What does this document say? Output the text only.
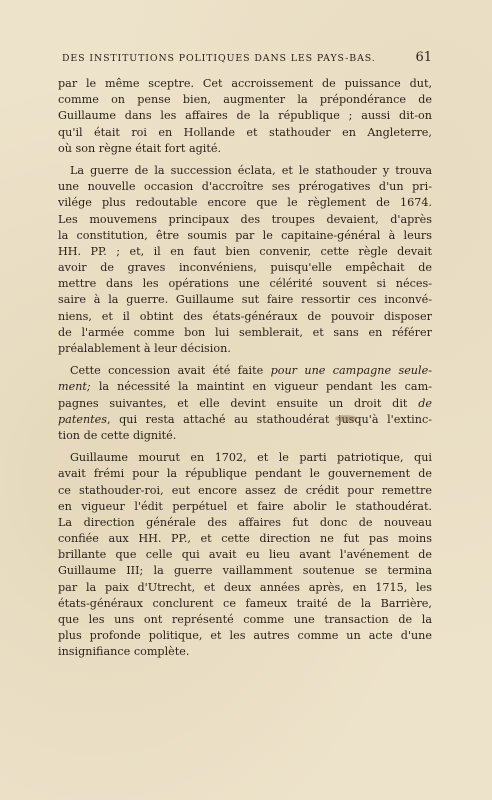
DES INSTITUTIONS POLITIQUES DANS LES PAYS-BAS.	61
par le même sceptre. Cet accroissement de puissance dut,
comme on pense bien, augmenter la prépondérance de
Guillaume dans les affaires de la république ; aussi dit-on
qu'il était roi en Hollande et stathouder en Angleterre,
où son règne était fort agité.
La guerre de la succession éclata, et le stathouder y trouva
une nouvelle occasion d'accroître ses prérogatives d'un pri-
vilége plus redoutable encore que le règlement de 1674.
Les mouvemens principaux des troupes devaient, d'après
la constitution, être soumis par le capitaine-général à leurs
HH. PP. ; et, il en faut bien convenir, cette règle devait
avoir de graves inconvéniens, puisqu'elle empêchait de
mettre dans les opérations une célérité souvent si néces-
saire à la guerre. Guillaume sut faire ressortir ces inconvé-
niens, et il obtint des états-généraux de pouvoir disposer
de l'armée comme bon lui semblerait, et sans en référer
préalablement à leur décision.
Cette concession avait été faite pour une campagne seule-
ment; la nécessité la maintint en vigueur pendant les cam-
pagnes suivantes, et elle devint ensuite un droit dit de
patentes, qui resta attaché au stathoudérat jusqu'à l'extinc-
tion de cette dignité.
Guillaume mourut en 1702, et le parti patriotique, qui
avait frémi pour la république pendant le gouvernement de
ce stathouder-roi, eut encore assez de crédit pour remettre
en vigueur l'édit perpétuel et faire abolir le stathoudérat.
La direction générale des affaires fut donc de nouveau
confiée aux HH. PP., et cette direction ne fut pas moins
brillante que celle qui avait eu lieu avant l'avénement de
Guillaume III; la guerre vaillamment soutenue se termina
par la paix d'Utrecht, et deux années après, en 1715, les
états-généraux conclurent ce fameux traité de la Barrière,
que les uns ont représenté comme une transaction de la
plus profonde politique, et les autres comme un acte d'une
insignifiance complète.
